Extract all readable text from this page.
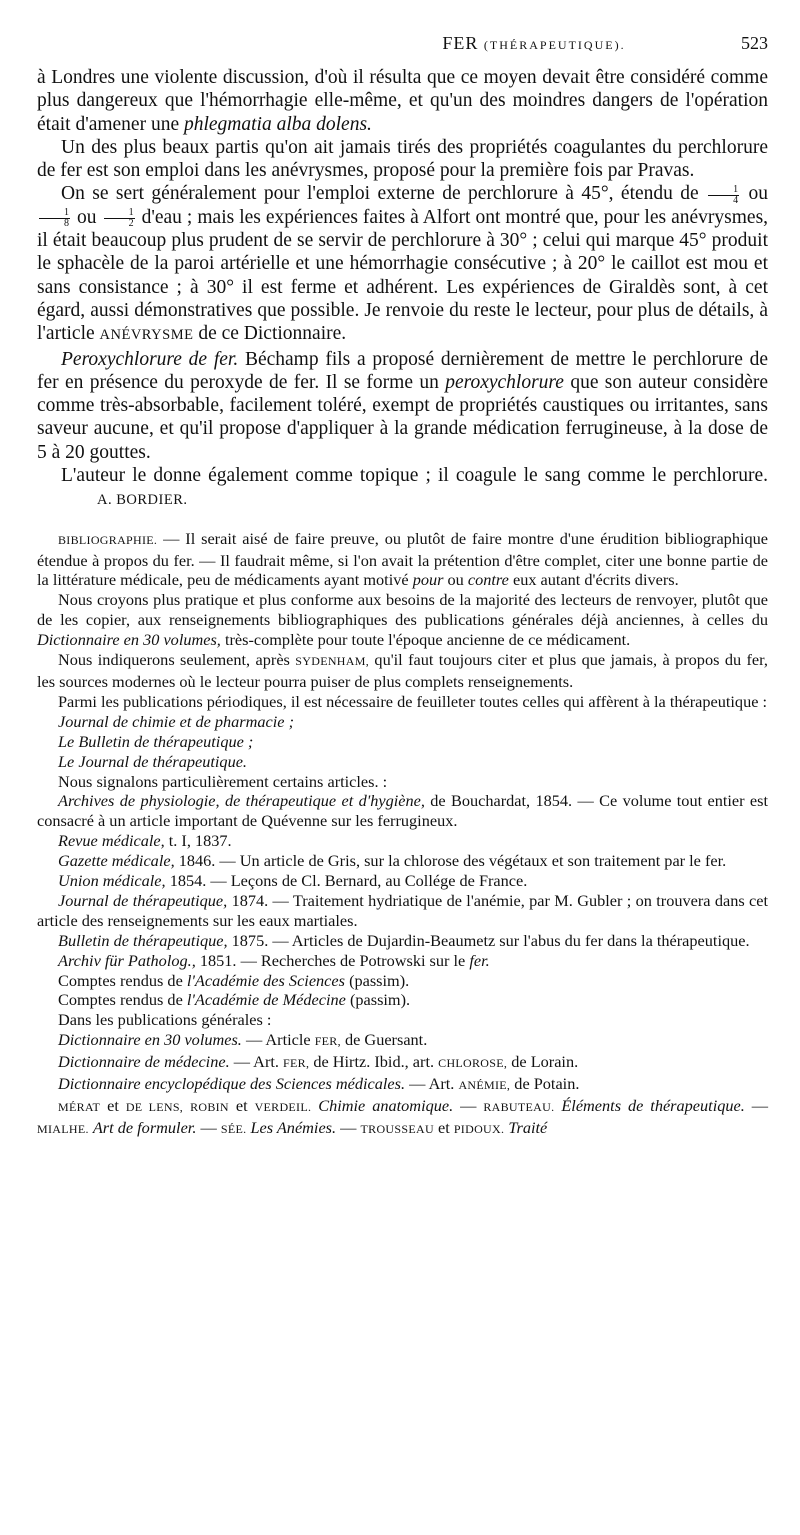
FER (THÉRAPEUTIQUE).	523

à Londres une violente discussion, d'où il résulta que ce moyen devait être considéré comme plus dangereux que l'hémorrhagie elle-même, et qu'un des moindres dangers de l'opération était d'amener une phlegmatia alba dolens.

Un des plus beaux partis qu'on ait jamais tirés des propriétés coagulantes du perchlorure de fer est son emploi dans les anévrysmes, proposé pour la première fois par Pravas.

On se sert généralement pour l'emploi externe de perchlorure à 45°, étendu de $\frac{1}{4}$ ou
$\frac{1}{8}$ ou $\frac{1}{2} d'eau$ ; mais les expériences faites à Alfort ont montré que, pour les anévrysmes, il était beaucoup plus prudent de se servir de perchlorure à 30° ; celui qui marque 45° produit le sphacèle de la paroi artérielle et une hémorrhagie consécutive ; à 20° le caillot est mou et sans consistance ; à 30° il est ferme et adhérent. Les expériences de Giraldès sont, à cet égard, aussi démonstratives que possible. Je renvoie du reste le lecteur, pour plus de détails, à l'article ANÉVRYSME de ce Dictionnaire.

Peroxychlorure de fer. Béchamp fils a proposé dernièrement de mettre le perchlorure de fer en présence du peroxyde de fer. Il se forme un peroxychlorure que son auteur considère comme très-absorbable, facilement toléré, exempt de propriétés caustiques ou irritantes, sans saveur aucune, et qu'il propose d'appliquer à la grande médication ferrugineuse, à la dose de 5 à 20 gouttes.

L'auteur le donne également comme topique ; il coagule le sang comme le perchlorure.A. BORDIER.

BIBLIOGRAPHIE. — Il serait aisé de faire preuve, ou plutôt de faire montre d'une érudition bibliographique étendue à propos du fer. — Il faudrait même, si l'on avait la prétention d'être complet, citer une bonne partie de la littérature médicale, peu de médicaments ayant motivé pour ou contre eux autant d'écrits divers.

Nous croyons plus pratique et plus conforme aux besoins de la majorité des lecteurs de renvoyer, plutôt que de les copier, aux renseignements bibliographiques des publications générales déjà anciennes, à celles du Dictionnaire en 30 volumes, très-complète pour toute l'époque ancienne de ce médicament.

Nous indiquerons seulement, après SYDENHAM, qu'il faut toujours citer et plus que jamais, à propos du fer, les sources modernes où le lecteur pourra puiser de plus complets renseignements.

Parmi les publications périodiques, il est nécessaire de feuilleter toutes celles qui affèrent à la thérapeutique :

Journal de chimie et de pharmacie ;

Le Bulletin de thérapeutique ;

Le Journal de thérapeutique.

Nous signalons particulièrement certains articles. :

Archives de physiologie, de thérapeutique et d'hygiène, de Bouchardat, 1854. — Ce volume tout entier est consacré à un article important de Quévenne sur les ferrugineux.

Revue médicale, t. I, 1837.

Gazette médicale, 1846. — Un article de Gris, sur la chlorose des végétaux et son traitement par le fer.

Union médicale, 1854. — Leçons de Cl. Bernard, au Collége de France.

Journal de thérapeutique, 1874. — Traitement hydriatique de l'anémie, par M. Gubler ; on trouvera dans cet article des renseignements sur les eaux martiales.

Bulletin de thérapeutique, 1875. — Articles de Dujardin-Beaumetz sur l'abus du fer dans la thérapeutique.

Archiv für Patholog., 1851. — Recherches de Potrowski sur le fer.

Comptes rendus de l'Académie des Sciences (passim).

Comptes rendus de l'Académie de Médecine (passim).

Dans les publications générales :

Dictionnaire en 30 volumes. — Article FER, de Guersant.

Dictionnaire de médecine. — Art. FER, de Hirtz. Ibid., art. CHLOROSE, de Lorain.

Dictionnaire encyclopédique des Sciences médicales. — Art. ANÉMIE, de Potain.

MÉRAT et DE LENS, ROBIN et VERDEIL. Chimie anatomique. — RABUTEAU. Éléments de thérapeutique. — MIALHE. Art de formuler. — SÉE. Les Anémies. — TROUSSEAU et PIDOUX. Traité
